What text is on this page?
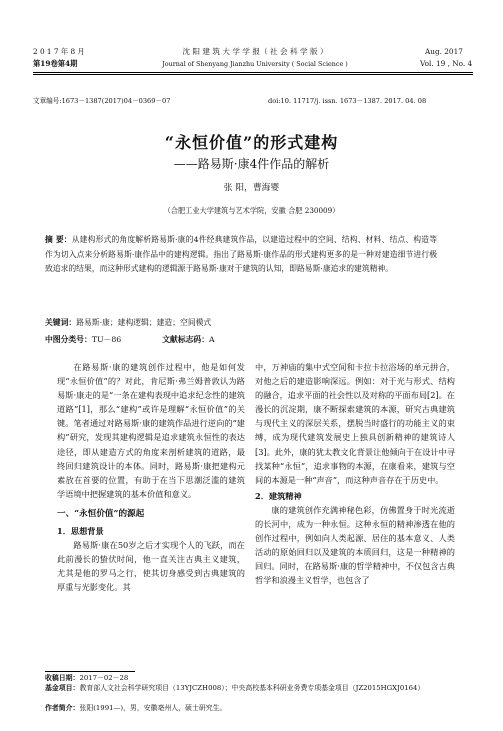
2 0 1 7 年 8 月
第19卷第4期
沈 阳 建 筑 大 学 学 报（ 社 会 科 学 版 ）
Journal of Shenyang Jianzhu University ( Social Science )
Aug. 2017
Vol. 19 , No. 4
文章编号:1673－1387(2017)04－0369－07	doi:10. 11717/j. issn. 1673－1387. 2017. 04. 08
“永恒价值”的形式建构
——路易斯·康4件作品的解析
张 阳，曹海婴
（合肥工业大学建筑与艺术学院，安徽 合肥 230009）
摘 要：从建构形式的角度解析路易斯·康的4件经典建筑作品，以建造过程中的空间、结构、材料、结点、构造等作为切入点来分析路易斯·康作品中的建构逻辑。指出了路易斯·康作品的形式建构更多的是一种对建造细节进行极致追求的结果，而这种形式建构的逻辑源于路易斯·康对于建筑的认知，即路易斯·康追求的建筑精神。
关键词：路易斯·康；建构逻辑；建造；空间模式
中图分类号：TU－86	文献标志码：A

在路易斯·康的建筑创作过程中，他是如何发现“永恒价值”的？对此，肯尼斯·弗兰姆普敦认为路易斯·康走的是“一条在建构表现中追求纪念性的建筑道路”[1]，那么“建构”或许是理解“永恒价值”的关键。笔者通过对路易斯·康的建筑作品进行逆向的“建构”研究，发现其建构逻辑是追求建筑永恒性的表达途径，即从建造方式的角度来剖析建筑的道路，最终回归建筑设计的本体。同时，路易斯·康把建构元素放在首要的位置，有助于在当下思潮泛滥的建筑学语境中把握建筑的基本价值和意义。

一、“永恒价值”的源起
1．思想背景

路易斯·康在50岁之后才实现个人的飞跃，而在此前漫长的蛰伏时间，他一直关注古典主义建筑，尤其是他的罗马之行，使其切身感受到古典建筑的厚重与光影变化。其

中，万神庙的集中式空间和卡拉卡拉浴场的单元拼合，对他之后的建造影响深远。例如：对于光与形式、结构的融合，追求平面的社会性以及对称的平面布局[2]。在漫长的沉淀期，康不断探索建筑的本源，研究古典建筑与现代主义的深层关系，摆脱当时盛行的功能主义的束缚，成为现代建筑发展史上独具创新精神的建筑诗人[3]。此外，康的犹太教文化背景让他倾向于在设计中寻找某种“永恒”，追求事物的本源，在康看来，建筑与空间的本源是一种“声音”，而这种声音存在于历史中。

2．建筑精神

康的建筑创作充满神秘色彩，仿佛置身于时光流逝的长河中，成为一种永恒。这种永恒的精神渗透在他的创作过程中，例如向人类起源、居住的基本意义、人类活动的原始回归以及建筑的本质回归，这是一种精神的回归。同时，在路易斯·康的哲学精神中，不仅包含古典哲学和浪漫主义哲学，也包含了

收稿日期：2017－02－28
基金项目：教育部人文社会科学研究项目（13YJCZH008）；中央高校基本科研业务费专项基金项目（JZ2015HGXJ0164）
作者简介：张阳(1991—)，男，安徽亳州人，硕士研究生。
